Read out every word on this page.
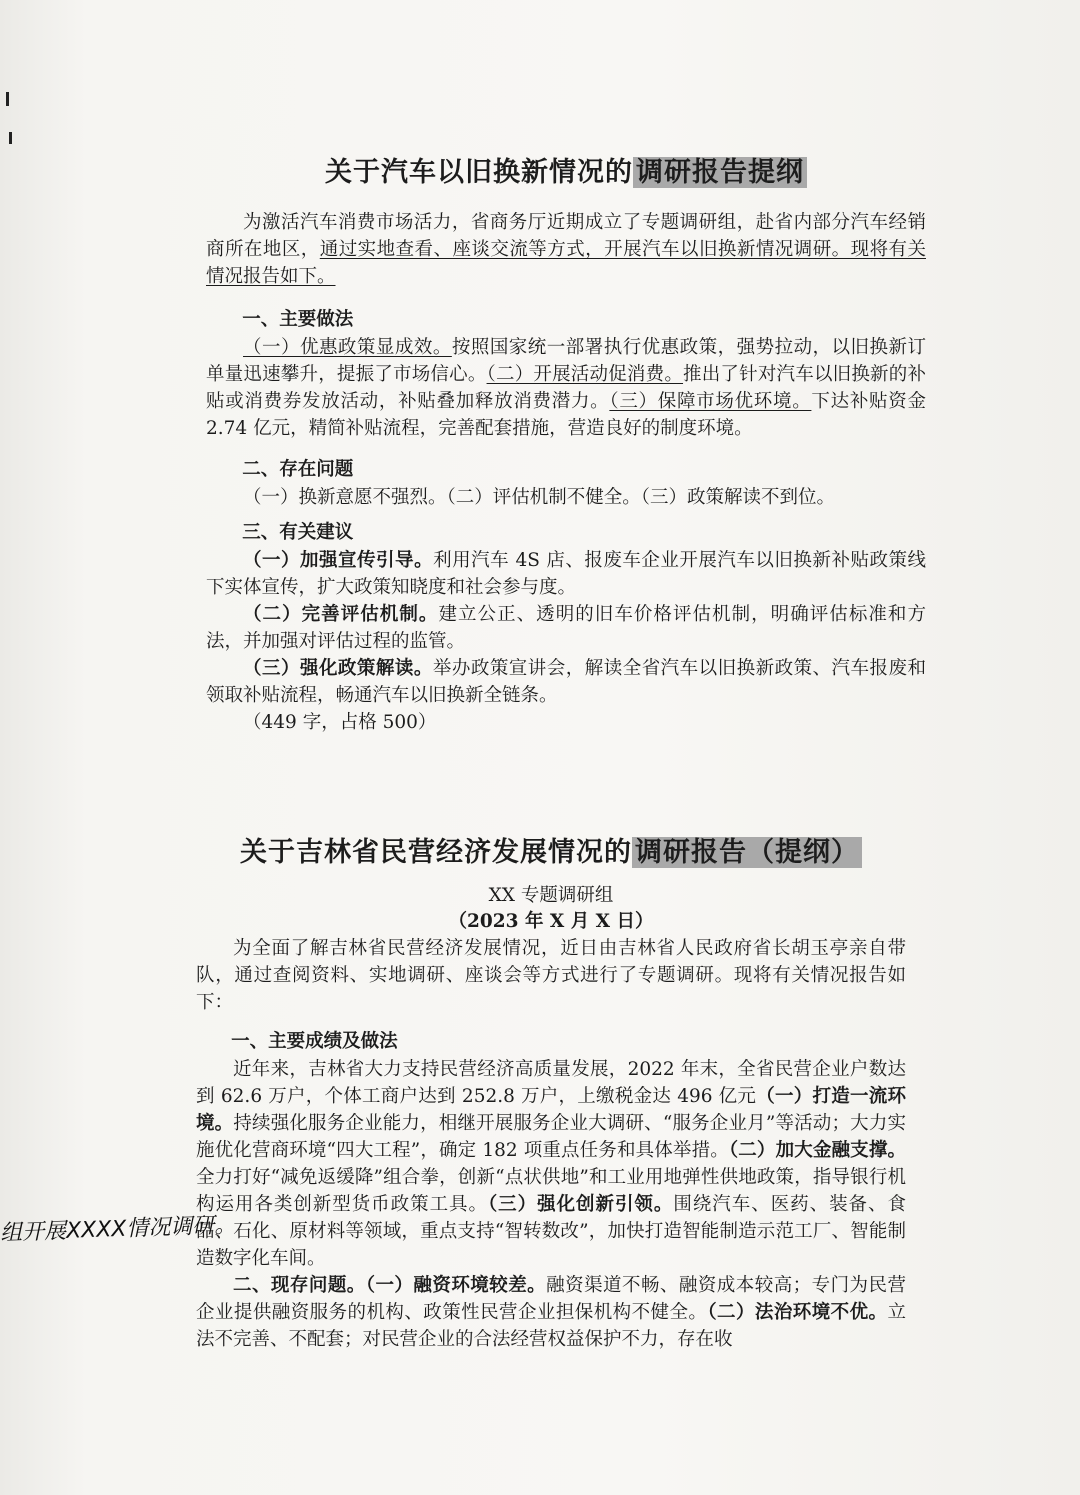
关于汽车以旧换新情况的 调研报告提纲

为激活汽车消费市场活力，省商务厅近期成立了专题调研组，赴省内部分汽车经销商所在地区，通过实地查看、座谈交流等方式，开展汽车以旧换新情况调研。现将有关情况报告如下。

一、主要做法

（一）优惠政策显成效。按照国家统一部署执行优惠政策，强势拉动，以旧换新订单量迅速攀升，提振了市场信心。（二）开展活动促消费。推出了针对汽车以旧换新的补贴或消费券发放活动，补贴叠加释放消费潜力。（三）保障市场优环境。下达补贴资金 2.74 亿元，精简补贴流程，完善配套措施，营造良好的制度环境。

二、存在问题

（一）换新意愿不强烈。（二）评估机制不健全。（三）政策解读不到位。

三、有关建议

（一）加强宣传引导。利用汽车 4S 店、报废车企业开展汽车以旧换新补贴政策线下实体宣传，扩大政策知晓度和社会参与度。

（二）完善评估机制。建立公正、透明的旧车价格评估机制，明确评估标准和方法，并加强对评估过程的监管。

（三）强化政策解读。举办政策宣讲会，解读全省汽车以旧换新政策、汽车报废和领取补贴流程，畅通汽车以旧换新全链条。

（449 字，占格 500）

关于吉林省民营经济发展情况的 调研报告（提纲）

XX 专题调研组

（2023 年 X 月 X 日）

为全面了解吉林省民营经济发展情况，近日由吉林省人民政府省长胡玉亭亲自带队，通过查阅资料、实地调研、座谈会等方式进行了专题调研。现将有关情况报告如下：

一、主要成绩及做法

近年来，吉林省大力支持民营经济高质量发展，2022 年末，全省民营企业户数达到 62.6 万户，个体工商户达到 252.8 万户，上缴税金达 496 亿元（一）打造一流环境。持续强化服务企业能力，相继开展服务企业大调研、“服务企业月”等活动；大力实施优化营商环境“四大工程”，确定 182 项重点任务和具体举措。（二）加大金融支撑。全力打好“减免返缓降”组合拳，创新“点状供地”和工业用地弹性供地政策，指导银行机构运用各类创新型货币政策工具。（三）强化创新引领。围绕汽车、医药、装备、食品、石化、原材料等领域，重点支持“智转数改”，加快打造智能制造示范工厂、智能制造数字化车间。

二、现存问题。（一）融资环境较差。融资渠道不畅、融资成本较高；专门为民营企业提供融资服务的机构、政策性民营企业担保机构不健全。（二）法治环境不优。立法不完善、不配套；对民营企业的合法经营权益保护不力，存在收

组开展XXXX情况调研。
